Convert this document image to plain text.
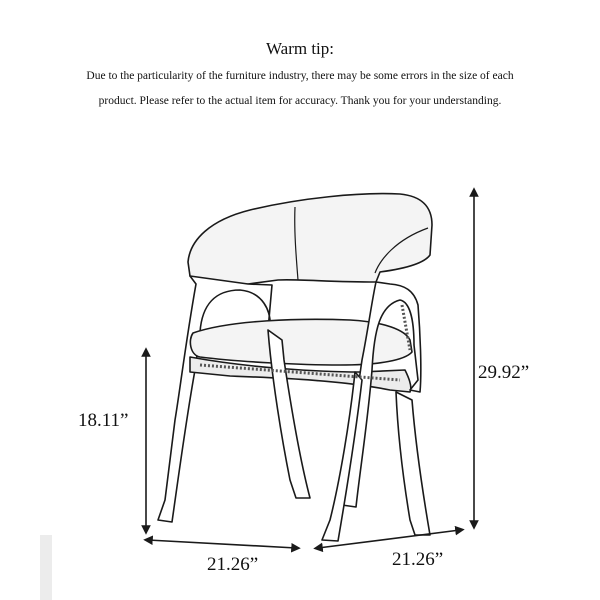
Warm tip:
Due to the particularity of the furniture industry, there may be some errors in the size of each
product. Please refer to the actual item for accuracy. Thank you for your understanding.
18.11”
29.92”
21.26”	21.26”
